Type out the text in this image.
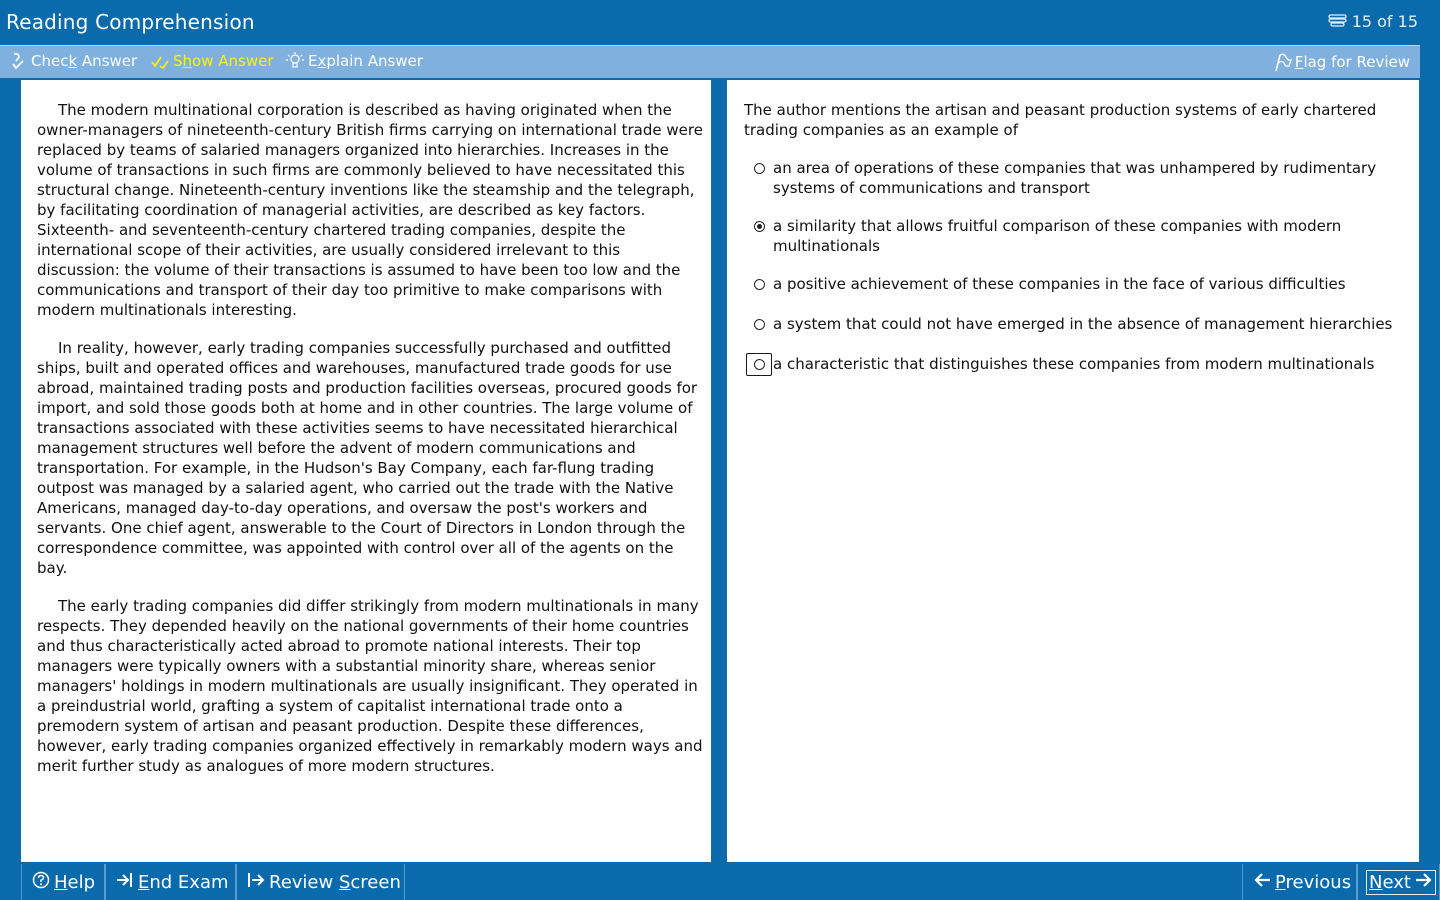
Reading Comprehension	15 of 15
Check Answer Show Answer Explain Answer	Flag for Review

The modern multinational corporation is described as having originated when the owner-managers of nineteenth-century British firms carrying on international trade were replaced by teams of salaried managers organized into hierarchies. Increases in the volume of transactions in such firms are commonly believed to have necessitated this structural change. Nineteenth-century inventions like the steamship and the telegraph, by facilitating coordination of managerial activities, are described as key factors. Sixteenth- and seventeenth-century chartered trading companies, despite the international scope of their activities, are usually considered irrelevant to this discussion: the volume of their transactions is assumed to have been too low and the communications and transport of their day too primitive to make comparisons with modern multinationals interesting.

In reality, however, early trading companies successfully purchased and outfitted ships, built and operated offices and warehouses, manufactured trade goods for use abroad, maintained trading posts and production facilities overseas, procured goods for import, and sold those goods both at home and in other countries. The large volume of transactions associated with these activities seems to have necessitated hierarchical management structures well before the advent of modern communications and transportation. For example, in the Hudson's Bay Company, each far-flung trading outpost was managed by a salaried agent, who carried out the trade with the Native Americans, managed day-to-day operations, and oversaw the post's workers and servants. One chief agent, answerable to the Court of Directors in London through the correspondence committee, was appointed with control over all of the agents on the bay.

The early trading companies did differ strikingly from modern multinationals in many respects. They depended heavily on the national governments of their home countries and thus characteristically acted abroad to promote national interests. Their top managers were typically owners with a substantial minority share, whereas senior managers' holdings in modern multinationals are usually insignificant. They operated in a preindustrial world, grafting a system of capitalist international trade onto a premodern system of artisan and peasant production. Despite these differences, however, early trading companies organized effectively in remarkably modern ways and merit further study as analogues of more modern structures.

The author mentions the artisan and peasant production systems of early chartered trading companies as an example of
an area of operations of these companies that was unhampered by rudimentary systems of communications and transport
a similarity that allows fruitful comparison of these companies with modern multinationals
a positive achievement of these companies in the face of various difficulties
a system that could not have emerged in the absence of management hierarchies
a characteristic that distinguishes these companies from modern multinationals
Help End Exam Review Screen	Previous Next
